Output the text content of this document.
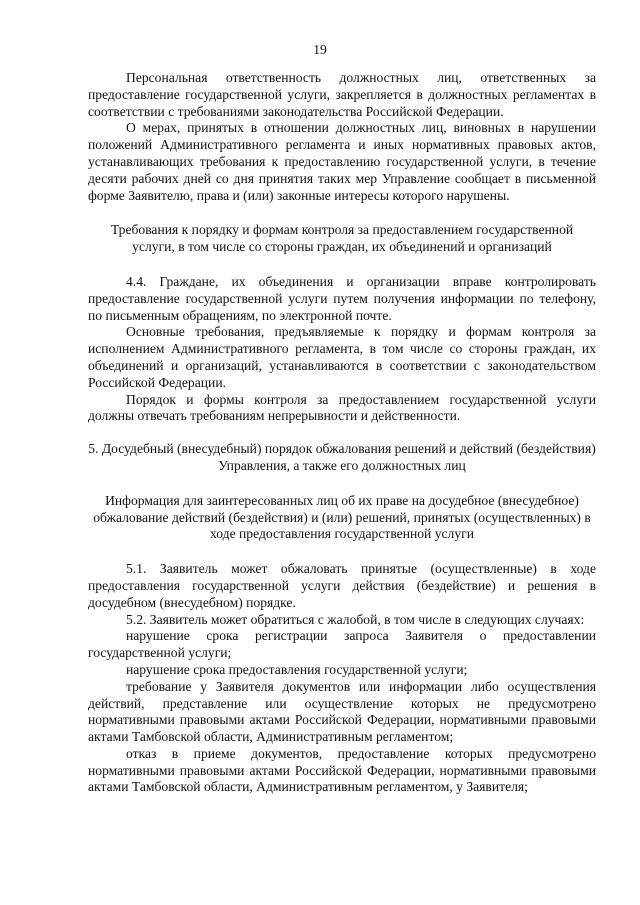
19

Персональная ответственность должностных лиц, ответственных за предоставление государственной услуги, закрепляется в должностных регламентах в соответствии с требованиями законодательства Российской Федерации.

О мерах, принятых в отношении должностных лиц, виновных в нарушении положений Административного регламента и иных нормативных правовых актов, устанавливающих требования к предоставлению государственной услуги, в течение десяти рабочих дней со дня принятия таких мер Управление сообщает в письменной форме Заявителю, права и (или) законные интересы которого нарушены.

Требования к порядку и формам контроля за предоставлением государственной услуги, в том числе со стороны граждан, их объединений и организаций

4.4. Граждане, их объединения и организации вправе контролировать предоставление государственной услуги путем получения информации по телефону, по письменным обращениям, по электронной почте.

Основные требования, предъявляемые к порядку и формам контроля за исполнением Административного регламента, в том числе со стороны граждан, их объединений и организаций, устанавливаются в соответствии с законодательством Российской Федерации.

Порядок и формы контроля за предоставлением государственной услуги должны отвечать требованиям непрерывности и действенности.

5. Досудебный (внесудебный) порядок обжалования решений и действий (бездействия) Управления, а также его должностных лиц

Информация для заинтересованных лиц об их праве на досудебное (внесудебное) обжалование действий (бездействия) и (или) решений, принятых (осуществленных) в ходе предоставления государственной услуги

5.1. Заявитель может обжаловать принятые (осуществленные) в ходе предоставления государственной услуги действия (бездействие) и решения в досудебном (внесудебном) порядке.

5.2. Заявитель может обратиться с жалобой, в том числе в следующих случаях:

нарушение срока регистрации запроса Заявителя о предоставлении государственной услуги;

нарушение срока предоставления государственной услуги;

требование у Заявителя документов или информации либо осуществления действий, представление или осуществление которых не предусмотрено нормативными правовыми актами Российской Федерации, нормативными правовыми актами Тамбовской области, Административным регламентом;

отказ в приеме документов, предоставление которых предусмотрено нормативными правовыми актами Российской Федерации, нормативными правовыми актами Тамбовской области, Административным регламентом, у Заявителя;
